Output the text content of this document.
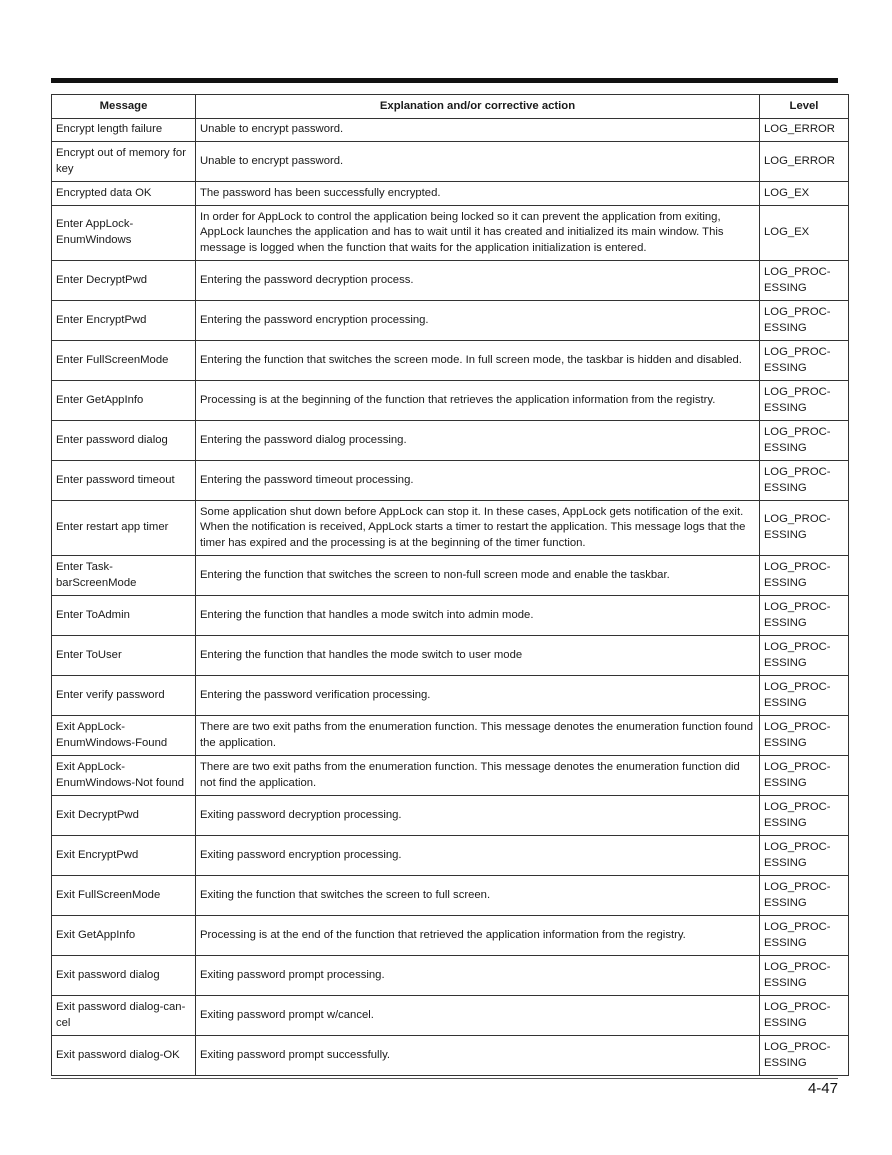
Message	Explanation and/or corrective action	Level
Encrypt length failure	Unable to encrypt password.	LOG_ERROR
Encrypt out of memory for key	Unable to encrypt password.	LOG_ERROR
Encrypted data OK	The password has been successfully encrypted.	LOG_EX
Enter AppLock-EnumWindows	In order for AppLock to control the application being locked so it can prevent the application from exiting, AppLock launches the application and has to wait until it has created and initialized its main window. This message is logged when the function that waits for the application initialization is entered.	LOG_EX
Enter DecryptPwd	Entering the password decryption process.	LOG_PROC-ESSING
Enter EncryptPwd	Entering the password encryption processing.	LOG_PROC-ESSING
Enter FullScreenMode	Entering the function that switches the screen mode. In full screen mode, the taskbar is hidden and disabled.	LOG_PROC-ESSING
Enter GetAppInfo	Processing is at the beginning of the function that retrieves the application information from the registry.	LOG_PROC-ESSING
Enter password dialog	Entering the password dialog processing.	LOG_PROC-ESSING
Enter password timeout	Entering the password timeout processing.	LOG_PROC-ESSING
Enter restart app timer	Some application shut down before AppLock can stop it. In these cases, AppLock gets notification of the exit. When the notification is received, AppLock starts a timer to restart the application. This message logs that the timer has expired and the processing is at the beginning of the timer function.	LOG_PROC-ESSING
Enter Task-barScreenMode	Entering the function that switches the screen to non-full screen mode and enable the taskbar.	LOG_PROC-ESSING
Enter ToAdmin	Entering the function that handles a mode switch into admin mode.	LOG_PROC-ESSING
Enter ToUser	Entering the function that handles the mode switch to user mode	LOG_PROC-ESSING
Enter verify password	Entering the password verification processing.	LOG_PROC-ESSING
Exit AppLock-EnumWindows-Found	There are two exit paths from the enumeration function. This message denotes the enumeration function found the application.	LOG_PROC-ESSING
Exit AppLock-EnumWindows-Not found	There are two exit paths from the enumeration function. This message denotes the enumeration function did not find the application.	LOG_PROC-ESSING
Exit DecryptPwd	Exiting password decryption processing.	LOG_PROC-ESSING
Exit EncryptPwd	Exiting password encryption processing.	LOG_PROC-ESSING
Exit FullScreenMode	Exiting the function that switches the screen to full screen.	LOG_PROC-ESSING
Exit GetAppInfo	Processing is at the end of the function that retrieved the application information from the registry.	LOG_PROC-ESSING
Exit password dialog	Exiting password prompt processing.	LOG_PROC-ESSING
Exit password dialog-can-cel	Exiting password prompt w/cancel.	LOG_PROC-ESSING
Exit password dialog-OK	Exiting password prompt successfully.	LOG_PROC-ESSING
4-47
